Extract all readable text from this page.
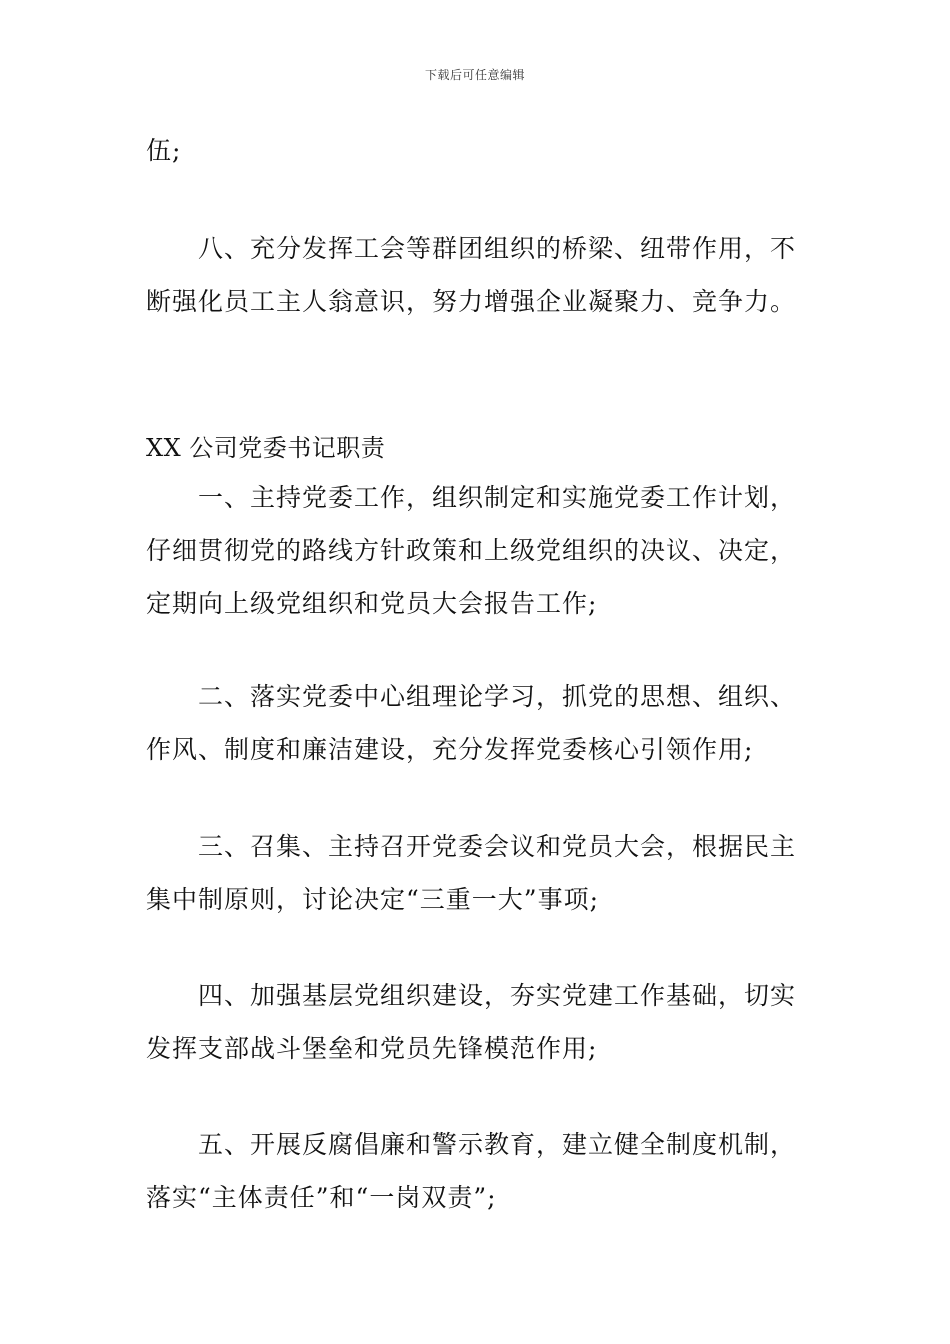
下载后可任意编辑
伍;
八、充分发挥工会等群团组织的桥梁、纽带作用，不
断强化员工主人翁意识，努力增强企业凝聚力、竞争力。
XX 公司党委书记职责
一、主持党委工作，组织制定和实施党委工作计划，
仔细贯彻党的路线方针政策和上级党组织的决议、决定，
定期向上级党组织和党员大会报告工作;
二、落实党委中心组理论学习，抓党的思想、组织、
作风、制度和廉洁建设，充分发挥党委核心引领作用;
三、召集、主持召开党委会议和党员大会，根据民主
集中制原则，讨论决定“三重一大”事项;
四、加强基层党组织建设，夯实党建工作基础，切实
发挥支部战斗堡垒和党员先锋模范作用;
五、开展反腐倡廉和警示教育，建立健全制度机制，
落实“主体责任”和“一岗双责”;
